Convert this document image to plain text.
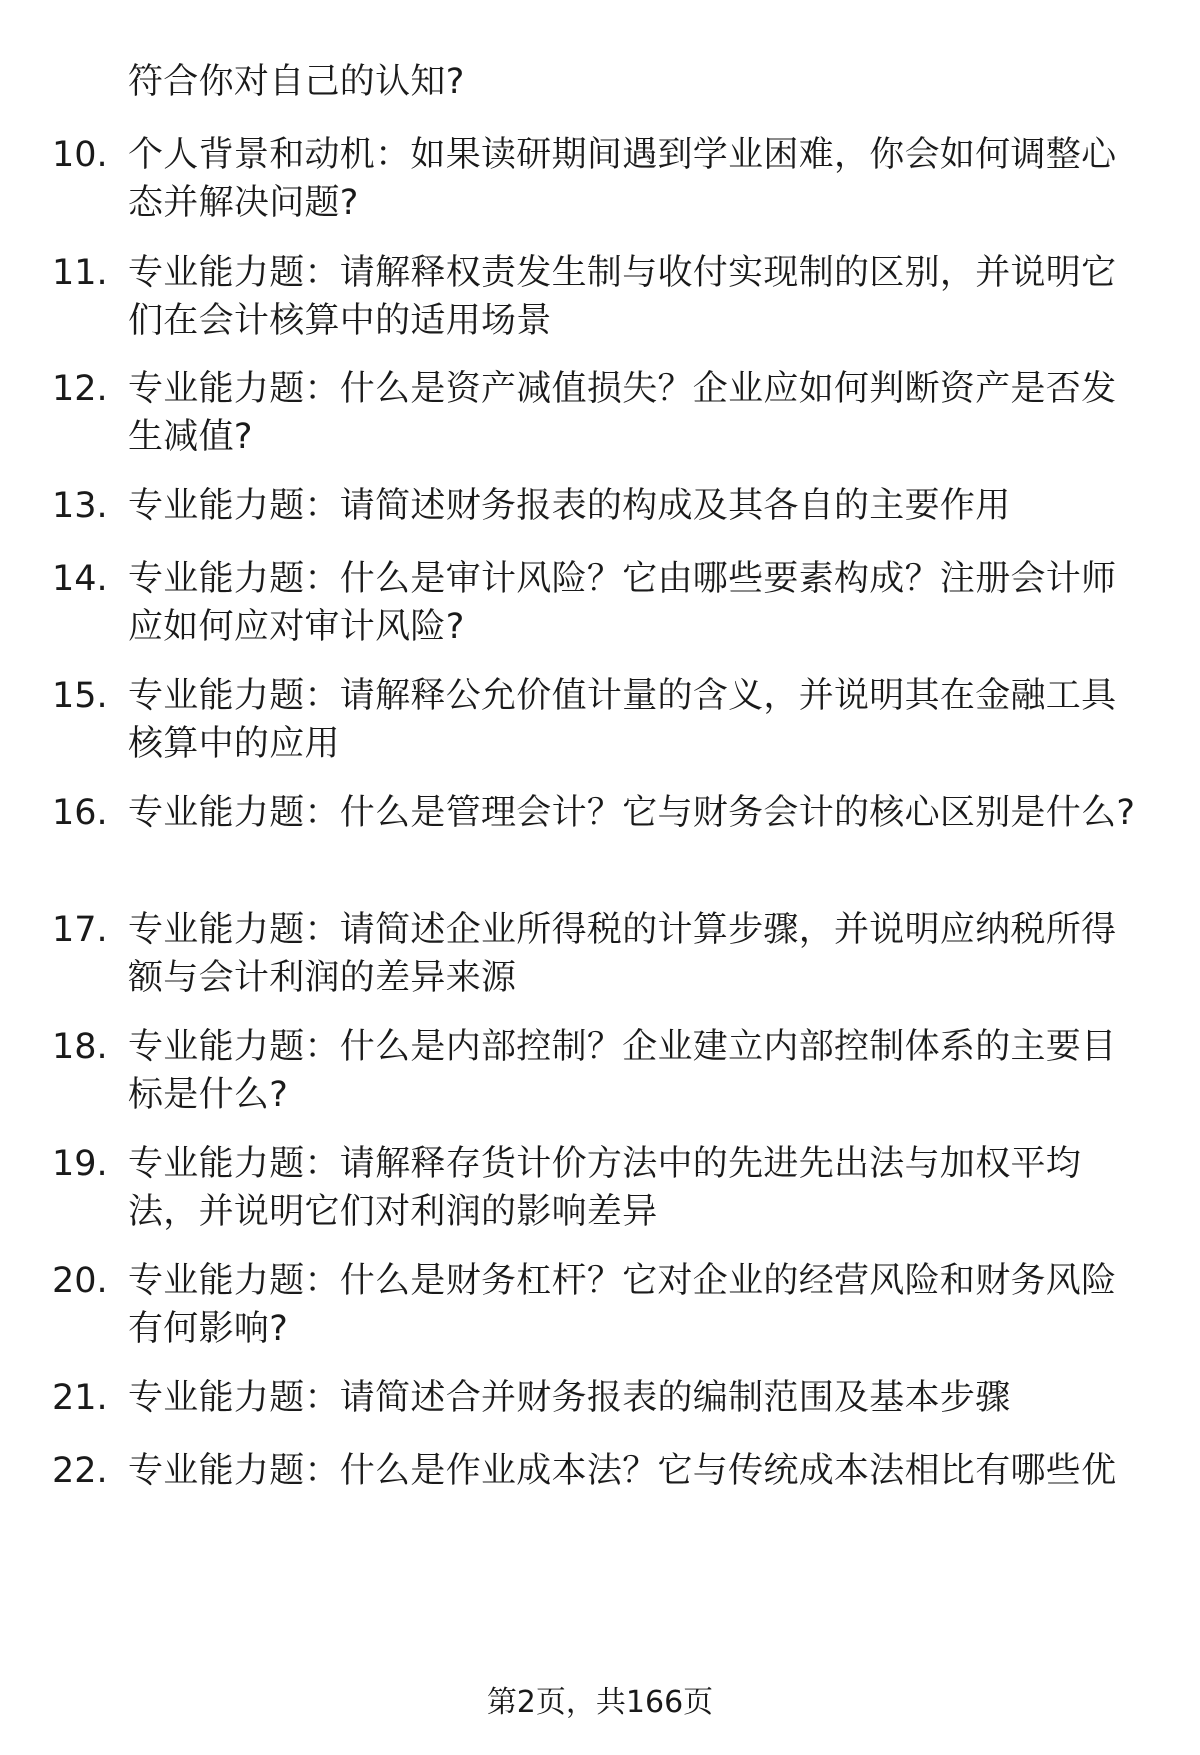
符合你对自己的认知?
10. 个人背景和动机：如果读研期间遇到学业困难，你会如何调整心态并解决问题?
11. 专业能力题：请解释权责发生制与收付实现制的区别，并说明它们在会计核算中的适用场景
12. 专业能力题：什么是资产减值损失？企业应如何判断资产是否发生减值?
13. 专业能力题：请简述财务报表的构成及其各自的主要作用
14. 专业能力题：什么是审计风险？它由哪些要素构成？注册会计师应如何应对审计风险?
15. 专业能力题：请解释公允价值计量的含义，并说明其在金融工具核算中的应用
16. 专业能力题：什么是管理会计？它与财务会计的核心区别是什么?
17. 专业能力题：请简述企业所得税的计算步骤，并说明应纳税所得额与会计利润的差异来源
18. 专业能力题：什么是内部控制？企业建立内部控制体系的主要目标是什么?
19. 专业能力题：请解释存货计价方法中的先进先出法与加权平均法，并说明它们对利润的影响差异
20. 专业能力题：什么是财务杠杆？它对企业的经营风险和财务风险有何影响?
21. 专业能力题：请简述合并财务报表的编制范围及基本步骤
22. 专业能力题：什么是作业成本法？它与传统成本法相比有哪些优
第2页，共166页
